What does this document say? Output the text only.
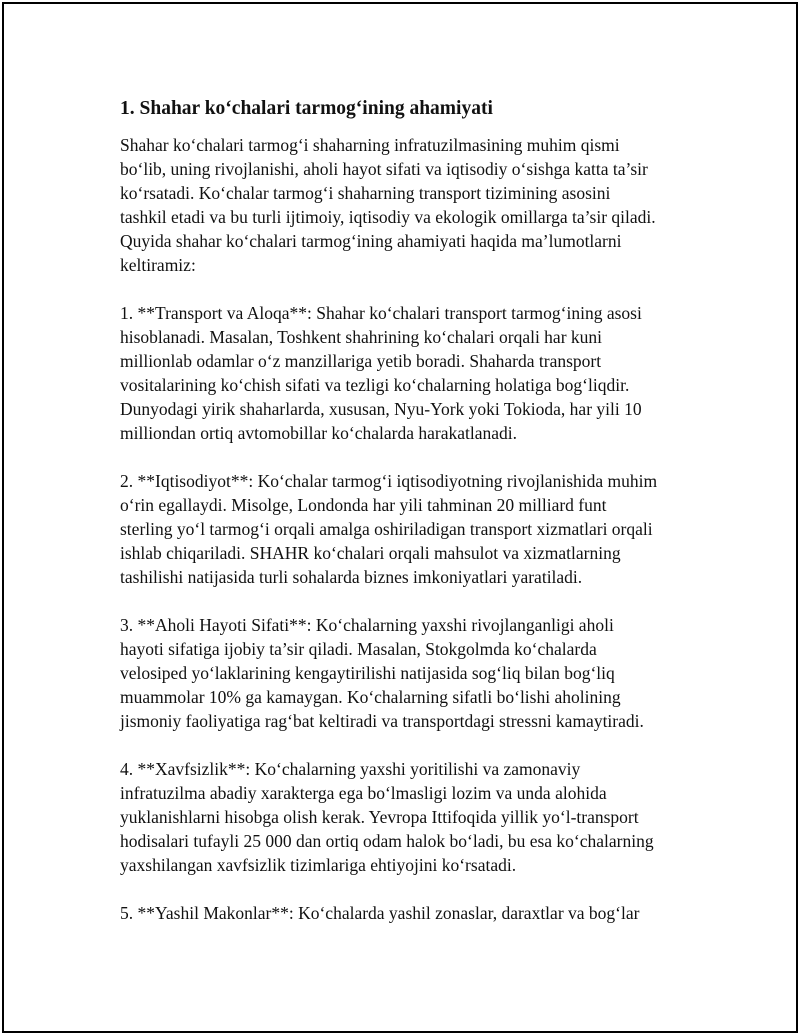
1. Shahar ko‘chalari tarmog‘ining ahamiyati
Shahar ko‘chalari tarmog‘i shaharning infratuzilmasining muhim qismi
bo‘lib, uning rivojlanishi, aholi hayot sifati va iqtisodiy o‘sishga katta ta’sir
ko‘rsatadi. Ko‘chalar tarmog‘i shaharning transport tizimining asosini
tashkil etadi va bu turli ijtimoiy, iqtisodiy va ekologik omillarga ta’sir qiladi.
Quyida shahar ko‘chalari tarmog‘ining ahamiyati haqida ma’lumotlarni
keltiramiz:
1. **Transport va Aloqa**: Shahar ko‘chalari transport tarmog‘ining asosi
hisoblanadi. Masalan, Toshkent shahrining ko‘chalari orqali har kuni
millionlab odamlar o‘z manzillariga yetib boradi. Shaharda transport
vositalarining ko‘chish sifati va tezligi ko‘chalarning holatiga bog‘liqdir.
Dunyodagi yirik shaharlarda, xususan, Nyu-York yoki Tokioda, har yili 10
milliondan ortiq avtomobillar ko‘chalarda harakatlanadi.
2. **Iqtisodiyot**: Ko‘chalar tarmog‘i iqtisodiyotning rivojlanishida muhim
o‘rin egallaydi. Misolge, Londonda har yili tahminan 20 milliard funt
sterling yo‘l tarmog‘i orqali amalga oshiriladigan transport xizmatlari orqali
ishlab chiqariladi. SHAHR ko‘chalari orqali mahsulot va xizmatlarning
tashilishi natijasida turli sohalarda biznes imkoniyatlari yaratiladi.
3. **Aholi Hayoti Sifati**: Ko‘chalarning yaxshi rivojlanganligi aholi
hayoti sifatiga ijobiy ta’sir qiladi. Masalan, Stokgolmda ko‘chalarda
velosiped yo‘laklarining kengaytirilishi natijasida sog‘liq bilan bog‘liq
muammolar 10% ga kamaygan. Ko‘chalarning sifatli bo‘lishi aholining
jismoniy faoliyatiga rag‘bat keltiradi va transportdagi stressni kamaytiradi.
4. **Xavfsizlik**: Ko‘chalarning yaxshi yoritilishi va zamonaviy
infratuzilma abadiy xarakterga ega bo‘lmasligi lozim va unda alohida
yuklanishlarni hisobga olish kerak. Yevropa Ittifoqida yillik yo‘l-transport
hodisalari tufayli 25 000 dan ortiq odam halok bo‘ladi, bu esa ko‘chalarning
yaxshilangan xavfsizlik tizimlariga ehtiyojini ko‘rsatadi.
5. **Yashil Makonlar**: Ko‘chalarda yashil zonaslar, daraxtlar va bog‘lar
